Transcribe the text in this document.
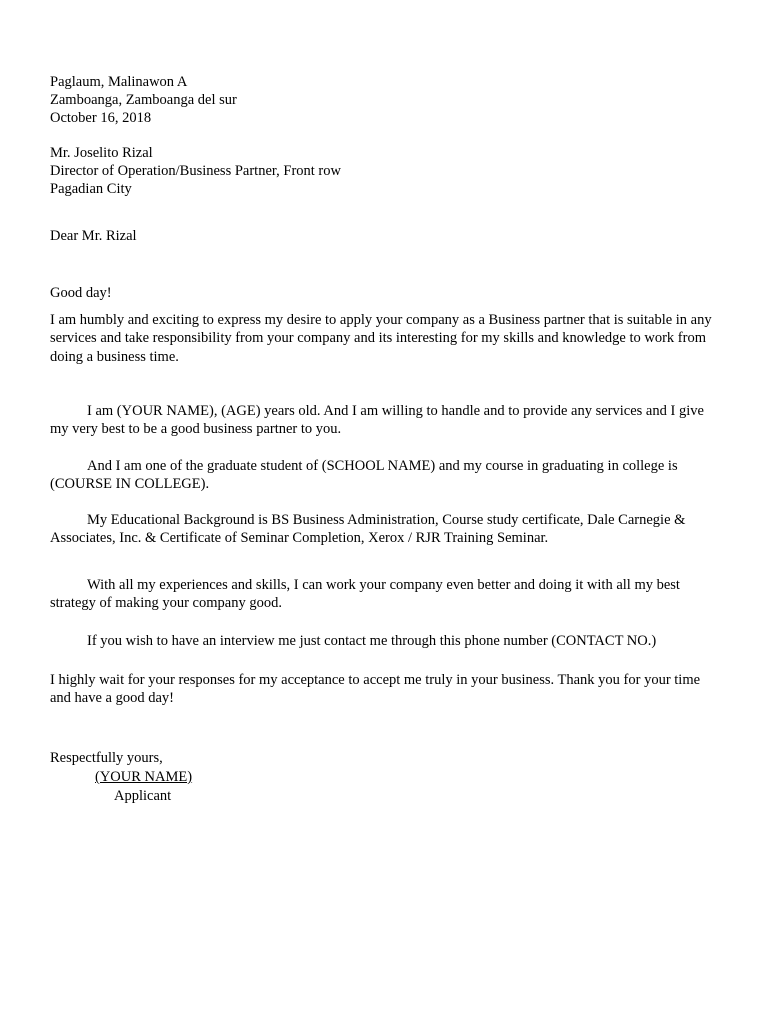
Paglaum, Malinawon A
Zamboanga, Zamboanga del sur
October 16, 2018
Mr. Joselito Rizal
Director of Operation/Business Partner, Front row
Pagadian City
Dear Mr. Rizal
Good day!
I am humbly and exciting to express my desire to apply your company as a Business partner that is suitable in any services and take responsibility from your company and its interesting for my skills and knowledge to work from doing a business time.
I am (YOUR NAME), (AGE) years old. And I am willing to handle and to provide any services and I give my very best to be a good business partner to you.
And I am one of the graduate student of (SCHOOL NAME) and my course in graduating in college is (COURSE IN COLLEGE).
My Educational Background is BS Business Administration, Course study certificate, Dale Carnegie & Associates, Inc. & Certificate of Seminar Completion, Xerox / RJR Training Seminar.
With all my experiences and skills, I can work your company even better and doing it with all my best strategy of making your company good.
If you wish to have an interview me just contact me through this phone number (CONTACT NO.)
I highly wait for your responses for my acceptance to accept me truly in your business. Thank you for your time and have a good day!
Respectfully yours,
(YOUR NAME)
Applicant
